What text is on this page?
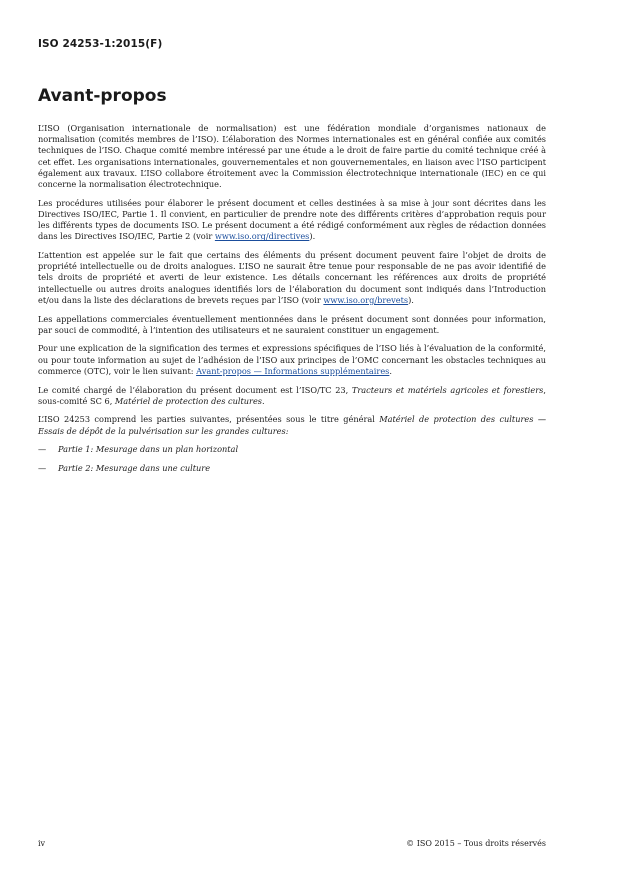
ISO 24253-1:2015(F)
Avant-propos

L’ISO (Organisation internationale de normalisation) est une fédération mondiale d’organismes nationaux de normalisation (comités membres de l’ISO). L’élaboration des Normes internationales est en général confiée aux comités techniques de l’ISO. Chaque comité membre intéressé par une étude a le droit de faire partie du comité technique créé à cet effet. Les organisations internationales, gouvernementales et non gouvernementales, en liaison avec l’ISO participent également aux travaux. L’ISO collabore étroitement avec la Commission électrotechnique internationale (IEC) en ce qui concerne la normalisation électrotechnique.

Les procédures utilisées pour élaborer le présent document et celles destinées à sa mise à jour sont décrites dans les Directives ISO/IEC, Partie 1. Il convient, en particulier de prendre note des différents critères d’approbation requis pour les différents types de documents ISO. Le présent document a été rédigé conformément aux règles de rédaction données dans les Directives ISO/IEC, Partie 2 (voir www.iso.org/directives).

L’attention est appelée sur le fait que certains des éléments du présent document peuvent faire l’objet de droits de propriété intellectuelle ou de droits analogues. L’ISO ne saurait être tenue pour responsable de ne pas avoir identifié de tels droits de propriété et averti de leur existence. Les détails concernant les références aux droits de propriété intellectuelle ou autres droits analogues identifiés lors de l’élaboration du document sont indiqués dans l’Introduction et/ou dans la liste des déclarations de brevets reçues par l’ISO (voir www.iso.org/brevets).

Les appellations commerciales éventuellement mentionnées dans le présent document sont données pour information, par souci de commodité, à l’intention des utilisateurs et ne sauraient constituer un engagement.

Pour une explication de la signification des termes et expressions spécifiques de l’ISO liés à l’évaluation de la conformité, ou pour toute information au sujet de l’adhésion de l’ISO aux principes de l’OMC concernant les obstacles techniques au commerce (OTC), voir le lien suivant: Avant-propos — Informations supplémentaires.

Le comité chargé de l’élaboration du présent document est l’ISO/TC 23, Tracteurs et matériels agricoles et forestiers, sous-comité SC 6, Matériel de protection des cultures.

L’ISO 24253 comprend les parties suivantes, présentées sous le titre général Matériel de protection des cultures — Essais de dépôt de la pulvérisation sur les grandes cultures:

—	Partie 1: Mesurage dans un plan horizontal
—	Partie 2: Mesurage dans une culture
iv	© ISO 2015 – Tous droits réservés
